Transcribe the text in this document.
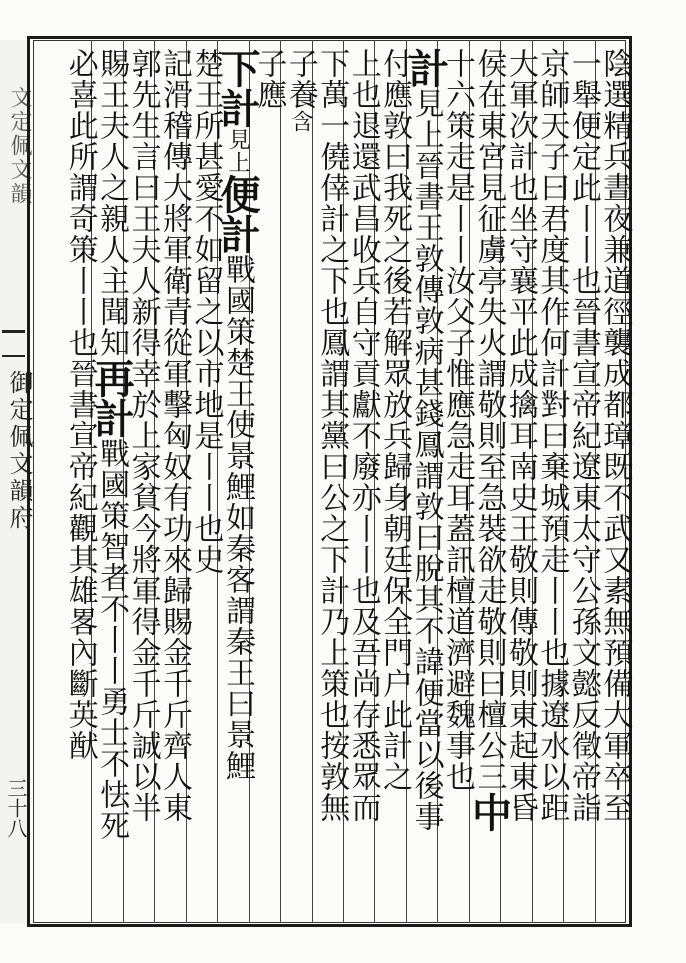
文定佩文韻
御定佩文韻府
三十八	陰選精兵晝夜兼道徑襲成都璋既不武又素無預備大軍卒至
一舉便定此丨丨也晉書宣帝紀遼東太守公孫文懿反徵帝詣
京師天子曰君度其作何計對曰棄城預走丨丨也據遼水以距
大軍次計也坐守襄平此成擒耳南史王敬則傳敬則東起東昏
侯在東宮見征虜亭失火謂敬則至急裝欲走敬則曰檀公三中
十六策走是丨丨汝父子惟應急走耳蓋訊檀道濟避魏事也
計見上晉書王敦傳敦病甚錢鳳謂敦曰脫其不諱便當以後事
付應敦曰我死之後若解眾放兵歸身朝廷保全門户此計之
上也退還武昌收兵自守貢獻不廢亦丨丨也及吾尚存悉眾而
下萬一僥倖計之下也鳳謂其黨曰公之下計乃上策也按敦無
子養含
子應
下計見上便計戰國策楚王使景鯉如秦客謂秦王曰景鯉
楚王所甚愛不如留之以市地是丨丨也史
記滑稽傳大將軍衛青從軍擊匈奴有功來歸賜金千斤齊人東
郭先生言曰王夫人新得幸於上家貧今將軍得金千斤誠以半
賜王夫人之親人主聞知再計戰國策智者不丨丨勇士不怯死
必喜此所謂奇策丨丨也晉書宣帝紀觀其雄畧內斷英猷
